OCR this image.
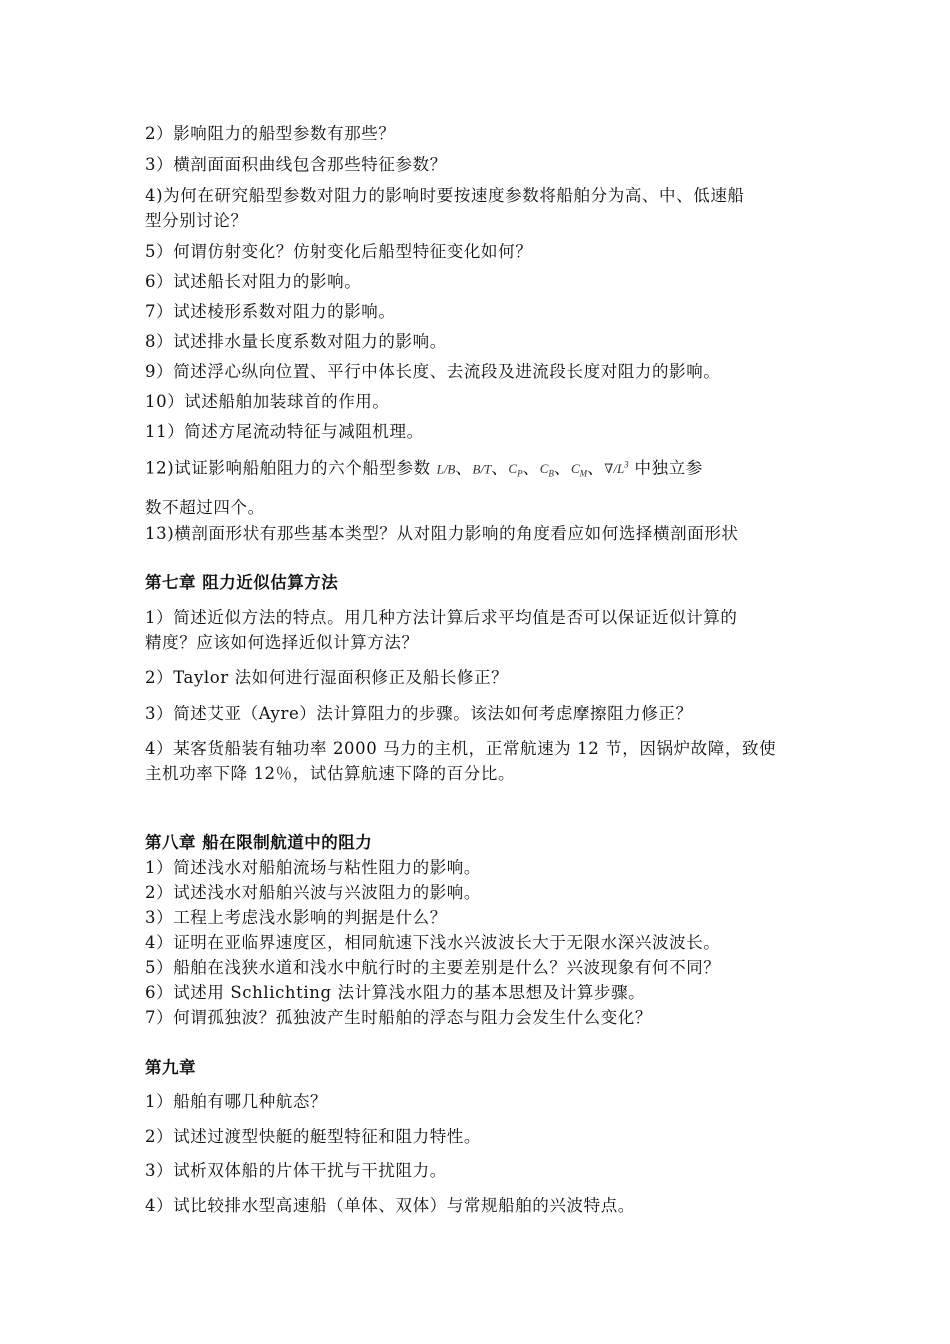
2）影响阻力的船型参数有那些？
3）横剖面面积曲线包含那些特征参数？
4)为何在研究船型参数对阻力的影响时要按速度参数将船舶分为高、中、低速船
型分别讨论？
5）何谓仿射变化？仿射变化后船型特征变化如何？
6）试述船长对阻力的影响。
7）试述棱形系数对阻力的影响。
8）试述排水量长度系数对阻力的影响。
9）简述浮心纵向位置、平行中体长度、去流段及进流段长度对阻力的影响。
10）试述船舶加装球首的作用。
11）简述方尾流动特征与减阻机理。
12)试证影响船舶阻力的六个船型参数 L/B、B/T、$C_P$、$C_B$、$C_M$、$\nabla/L^3$ 中独立参
数不超过四个。
13)横剖面形状有那些基本类型？从对阻力影响的角度看应如何选择横剖面形状
第七章 阻力近似估算方法
1）简述近似方法的特点。用几种方法计算后求平均值是否可以保证近似计算的
精度？应该如何选择近似计算方法？
2）Taylor 法如何进行湿面积修正及船长修正？
3）简述艾亚（Ayre）法计算阻力的步骤。该法如何考虑摩擦阻力修正？
4）某客货船装有轴功率 2000 马力的主机，正常航速为 12 节，因锅炉故障，致使
主机功率下降 12％，试估算航速下降的百分比。
第八章 船在限制航道中的阻力
1）简述浅水对船舶流场与粘性阻力的影响。
2）试述浅水对船舶兴波与兴波阻力的影响。
3）工程上考虑浅水影响的判据是什么？
4）证明在亚临界速度区，相同航速下浅水兴波波长大于无限水深兴波波长。
5）船舶在浅狭水道和浅水中航行时的主要差别是什么？兴波现象有何不同？
6）试述用 Schlichting 法计算浅水阻力的基本思想及计算步骤。
7）何谓孤独波？孤独波产生时船舶的浮态与阻力会发生什么变化？
第九章
1）船舶有哪几种航态？
2）试述过渡型快艇的艇型特征和阻力特性。
3）试析双体船的片体干扰与干扰阻力。
4）试比较排水型高速船（单体、双体）与常规船舶的兴波特点。
